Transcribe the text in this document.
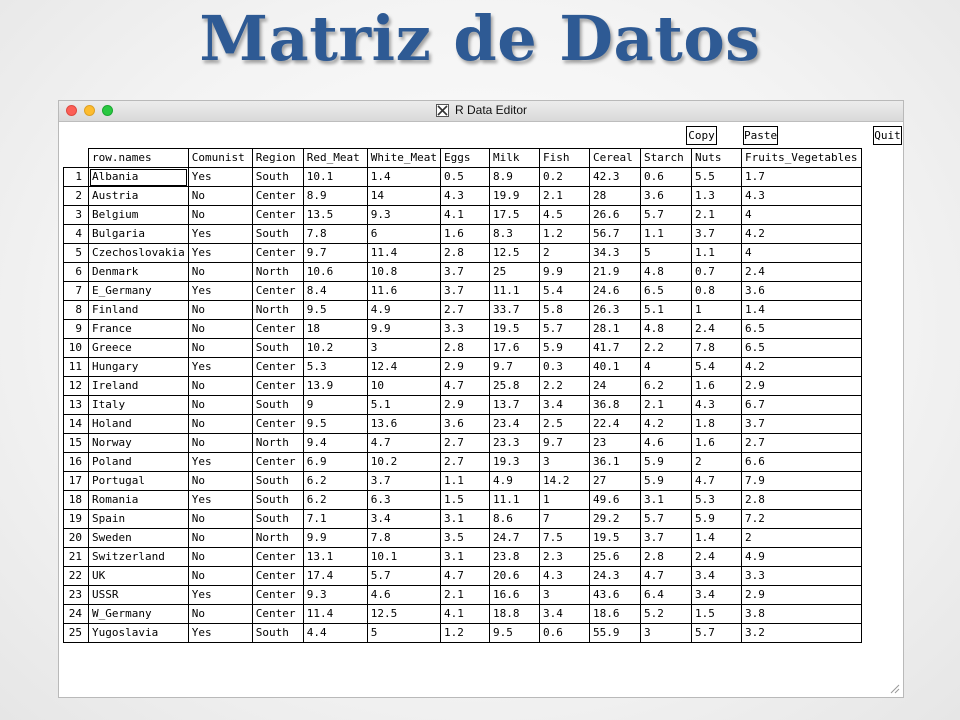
Matriz de Datos
R Data Editor
Copy	Paste	Quit
	row.names	Comunist	Region	Red_Meat	White_Meat	Eggs	Milk	Fish	Cereal	Starch	Nuts	Fruits_Vegetables
1	Albania	Yes	South	10.1	1.4	0.5	8.9	0.2	42.3	0.6	5.5	1.7
2	Austria	No	Center	8.9	14	4.3	19.9	2.1	28	3.6	1.3	4.3
3	Belgium	No	Center	13.5	9.3	4.1	17.5	4.5	26.6	5.7	2.1	4
4	Bulgaria	Yes	South	7.8	6	1.6	8.3	1.2	56.7	1.1	3.7	4.2
5	Czechoslovakia	Yes	Center	9.7	11.4	2.8	12.5	2	34.3	5	1.1	4
6	Denmark	No	North	10.6	10.8	3.7	25	9.9	21.9	4.8	0.7	2.4
7	E_Germany	Yes	Center	8.4	11.6	3.7	11.1	5.4	24.6	6.5	0.8	3.6
8	Finland	No	North	9.5	4.9	2.7	33.7	5.8	26.3	5.1	1	1.4
9	France	No	Center	18	9.9	3.3	19.5	5.7	28.1	4.8	2.4	6.5
10	Greece	No	South	10.2	3	2.8	17.6	5.9	41.7	2.2	7.8	6.5
11	Hungary	Yes	Center	5.3	12.4	2.9	9.7	0.3	40.1	4	5.4	4.2
12	Ireland	No	Center	13.9	10	4.7	25.8	2.2	24	6.2	1.6	2.9
13	Italy	No	South	9	5.1	2.9	13.7	3.4	36.8	2.1	4.3	6.7
14	Holand	No	Center	9.5	13.6	3.6	23.4	2.5	22.4	4.2	1.8	3.7
15	Norway	No	North	9.4	4.7	2.7	23.3	9.7	23	4.6	1.6	2.7
16	Poland	Yes	Center	6.9	10.2	2.7	19.3	3	36.1	5.9	2	6.6
17	Portugal	No	South	6.2	3.7	1.1	4.9	14.2	27	5.9	4.7	7.9
18	Romania	Yes	South	6.2	6.3	1.5	11.1	1	49.6	3.1	5.3	2.8
19	Spain	No	South	7.1	3.4	3.1	8.6	7	29.2	5.7	5.9	7.2
20	Sweden	No	North	9.9	7.8	3.5	24.7	7.5	19.5	3.7	1.4	2
21	Switzerland	No	Center	13.1	10.1	3.1	23.8	2.3	25.6	2.8	2.4	4.9
22	UK	No	Center	17.4	5.7	4.7	20.6	4.3	24.3	4.7	3.4	3.3
23	USSR	Yes	Center	9.3	4.6	2.1	16.6	3	43.6	6.4	3.4	2.9
24	W_Germany	No	Center	11.4	12.5	4.1	18.8	3.4	18.6	5.2	1.5	3.8
25	Yugoslavia	Yes	South	4.4	5	1.2	9.5	0.6	55.9	3	5.7	3.2
